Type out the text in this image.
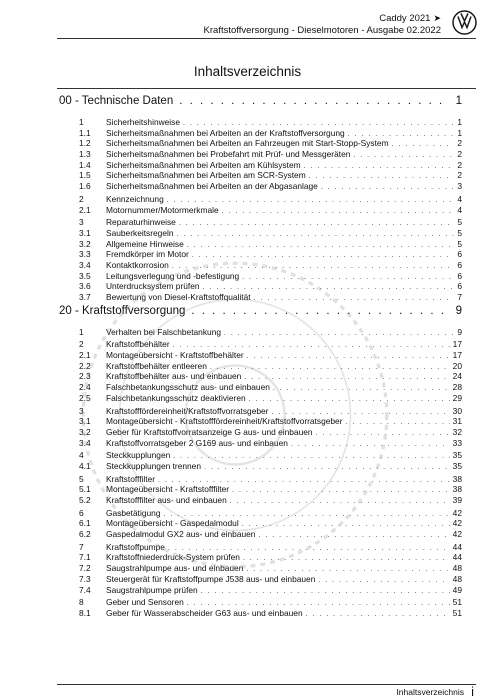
Caddy 2021 ➤
Kraftstoffversorgung - Dieselmotoren - Ausgabe 02.2022
Inhaltsverzeichnis
00 - Technische Daten . . .	1
1	Sicherheitshinweise . . .	1
1.1	Sicherheitsmaßnahmen bei Arbeiten an der Kraftstoffversorgung . . .	1
1.2	Sicherheitsmaßnahmen bei Arbeiten an Fahrzeugen mit Start-Stopp-System . . .	2
1.3	Sicherheitsmaßnahmen bei Probefahrt mit Prüf- und Messgeräten . . .	2
1.4	Sicherheitsmaßnahmen bei Arbeiten am Kühlsystem . . .	2
1.5	Sicherheitsmaßnahmen bei Arbeiten am SCR-System . . .	2
1.6	Sicherheitsmaßnahmen bei Arbeiten an der Abgasanlage . . .	3
2	Kennzeichnung . . .	4
2.1	Motornummer/Motormerkmale . . .	4
3	Reparaturhinweise . . .	5
3.1	Sauberkeitsregeln . . .	5
3.2	Allgemeine Hinweise . . .	5
3.3	Fremdkörper im Motor . . .	6
3.4	Kontaktkorrosion . . .	6
3.5	Leitungsverlegung und -befestigung . . .	6
3.6	Unterdrucksystem prüfen . . .	6
3.7	Bewertung von Diesel-Kraftstoffqualität . . .	7
20 - Kraftstoffversorgung . . .	9
1	Verhalten bei Falschbetankung . . .	9
2	Kraftstoffbehälter . . .	17
2.1	Montageübersicht - Kraftstoffbehälter . . .	17
2.2	Kraftstoffbehälter entleeren . . .	20
2.3	Kraftstoffbehälter aus- und einbauen . . .	24
2.4	Falschbetankungsschutz aus- und einbauen . . .	28
2.5	Falschbetankungsschutz deaktivieren . . .	29
3	Kraftstofffördereinheit/Kraftstoffvorratsgeber . . .	30
3.1	Montageübersicht - Kraftstofffördereinheit/Kraftstoffvorratsgeber . . .	31
3.2	Geber für Kraftstoffvorratsanzeige G aus- und einbauen . . .	32
3.4	Kraftstoffvorratsgeber 2 G169 aus- und einbauen . . .	33
4	Steckkupplungen . . .	35
4.1	Steckkupplungen trennen . . .	35
5	Kraftstofffilter . . .	38
5.1	Montageübersicht - Kraftstofffilter . . .	38
5.2	Kraftstofffilter aus- und einbauen . . .	39
6	Gasbetätigung . . .	42
6.1	Montageübersicht - Gaspedalmodul . . .	42
6.2	Gaspedalmodul GX2 aus- und einbauen . . .	42
7	Kraftstoffpumpe . . .	44
7.1	Kraftstoffniederdruck-System prüfen . . .	44
7.2	Saugstrahlpumpe aus- und einbauen . . .	48
7.3	Steuergerät für Kraftstoffpumpe J538 aus- und einbauen . . .	48
7.4	Saugstrahlpumpe prüfen . . .	49
8	Geber und Sensoren . . .	51
8.1	Geber für Wasserabscheider G63 aus- und einbauen . . .	51
Inhaltsverzeichnis i
